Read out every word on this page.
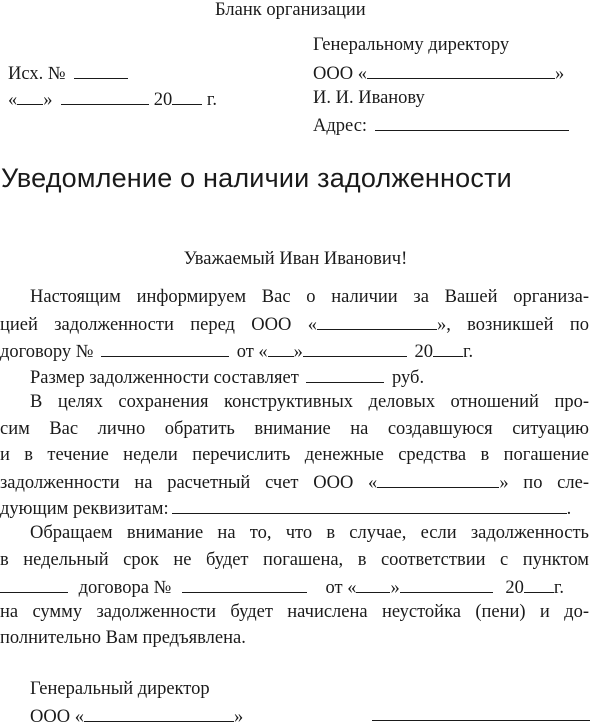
Бланк организации
Исх. №
« »	20 г.
Генеральному директору
ООО «	»
И. И. Иванову
Адрес:
Уведомление о наличии задолженности
Уважаемый Иван Иванович!
Настоящим информируем Вас о наличии за Вашей организа-
цией задолженности перед ООО «	», возникшей по
договору №	от « »	20 г.
Размер задолженности составляет	руб.
В целях сохранения конструктивных деловых отношений про-
сим Вас лично обратить внимание на создавшуюся ситуацию
и в течение недели перечислить денежные средства в погашение
задолженности на расчетный счет ООО «	» по сле-
дующим реквизитам:	.
Обращаем внимание на то, что в случае, если задолженность
в недельный срок не будет погашена, в соответствии с пунктом
договора №	от « »	20 г.
на сумму задолженности будет начислена неустойка (пени) и до-
полнительно Вам предъявлена.
Генеральный директор
ООО «	»
